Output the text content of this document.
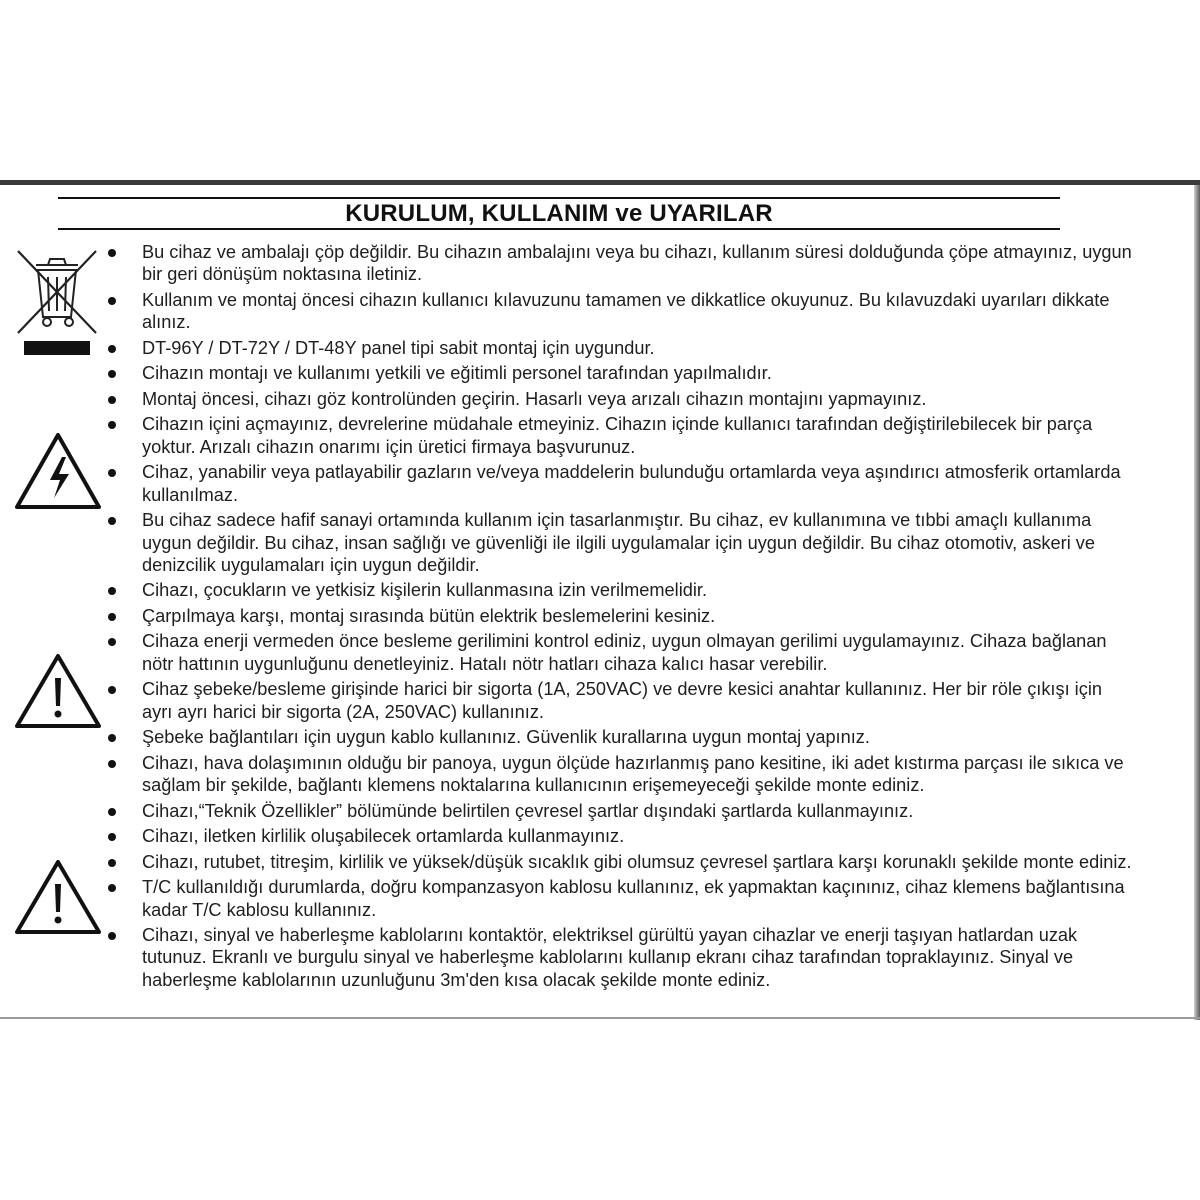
KURULUM, KULLANIM ve UYARILAR
Bu cihaz ve ambalajı çöp değildir. Bu cihazın ambalajını veya bu cihazı, kullanım süresi dolduğunda çöpe atmayınız, uygun bir geri dönüşüm noktasına iletiniz.
Kullanım ve montaj öncesi cihazın kullanıcı kılavuzunu tamamen ve dikkatlice okuyunuz. Bu kılavuzdaki uyarıları dikkate alınız.
DT-96Y / DT-72Y / DT-48Y panel tipi sabit montaj için uygundur.
Cihazın montajı ve kullanımı yetkili ve eğitimli personel tarafından yapılmalıdır.
Montaj öncesi, cihazı göz kontrolünden geçirin. Hasarlı veya arızalı cihazın montajını yapmayınız.
Cihazın içini açmayınız, devrelerine müdahale etmeyiniz. Cihazın içinde kullanıcı tarafından değiştirilebilecek bir parça yoktur. Arızalı cihazın onarımı için üretici firmaya başvurunuz.
Cihaz, yanabilir veya patlayabilir gazların ve/veya maddelerin bulunduğu ortamlarda veya aşındırıcı atmosferik ortamlarda kullanılmaz.
Bu cihaz sadece hafif sanayi ortamında kullanım için tasarlanmıştır. Bu cihaz, ev kullanımına ve tıbbi amaçlı kullanıma uygun değildir. Bu cihaz, insan sağlığı ve güvenliği ile ilgili uygulamalar için uygun değildir. Bu cihaz otomotiv, askeri ve denizcilik uygulamaları için uygun değildir.
Cihazı, çocukların ve yetkisiz kişilerin kullanmasına izin verilmemelidir.
Çarpılmaya karşı, montaj sırasında bütün elektrik beslemelerini kesiniz.
Cihaza enerji vermeden önce besleme gerilimini kontrol ediniz, uygun olmayan gerilimi uygulamayınız. Cihaza bağlanan nötr hattının uygunluğunu denetleyiniz. Hatalı nötr hatları cihaza kalıcı hasar verebilir.
Cihaz şebeke/besleme girişinde harici bir sigorta (1A, 250VAC) ve devre kesici anahtar kullanınız. Her bir röle çıkışı için ayrı ayrı harici bir sigorta (2A, 250VAC) kullanınız.
Şebeke bağlantıları için uygun kablo kullanınız. Güvenlik kurallarına uygun montaj yapınız.
Cihazı, hava dolaşımının olduğu bir panoya, uygun ölçüde hazırlanmış pano kesitine, iki adet kıstırma parçası ile sıkıca ve sağlam bir şekilde, bağlantı klemens noktalarına kullanıcının erişemeyeceği şekilde monte ediniz.
Cihazı,“Teknik Özellikler” bölümünde belirtilen çevresel şartlar dışındaki şartlarda kullanmayınız.
Cihazı, iletken kirlilik oluşabilecek ortamlarda kullanmayınız.
Cihazı, rutubet, titreşim, kirlilik ve yüksek/düşük sıcaklık gibi olumsuz çevresel şartlara karşı korunaklı şekilde monte ediniz.
T/C kullanıldığı durumlarda, doğru kompanzasyon kablosu kullanınız, ek yapmaktan kaçınınız, cihaz klemens bağlantısına kadar T/C kablosu kullanınız.
Cihazı, sinyal ve haberleşme kablolarını kontaktör, elektriksel gürültü yayan cihazlar ve enerji taşıyan hatlardan uzak tutunuz. Ekranlı ve burgulu sinyal ve haberleşme kablolarını kullanıp ekranı cihaz tarafından topraklayınız. Sinyal ve haberleşme kablolarının uzunluğunu 3m'den kısa olacak şekilde monte ediniz.
